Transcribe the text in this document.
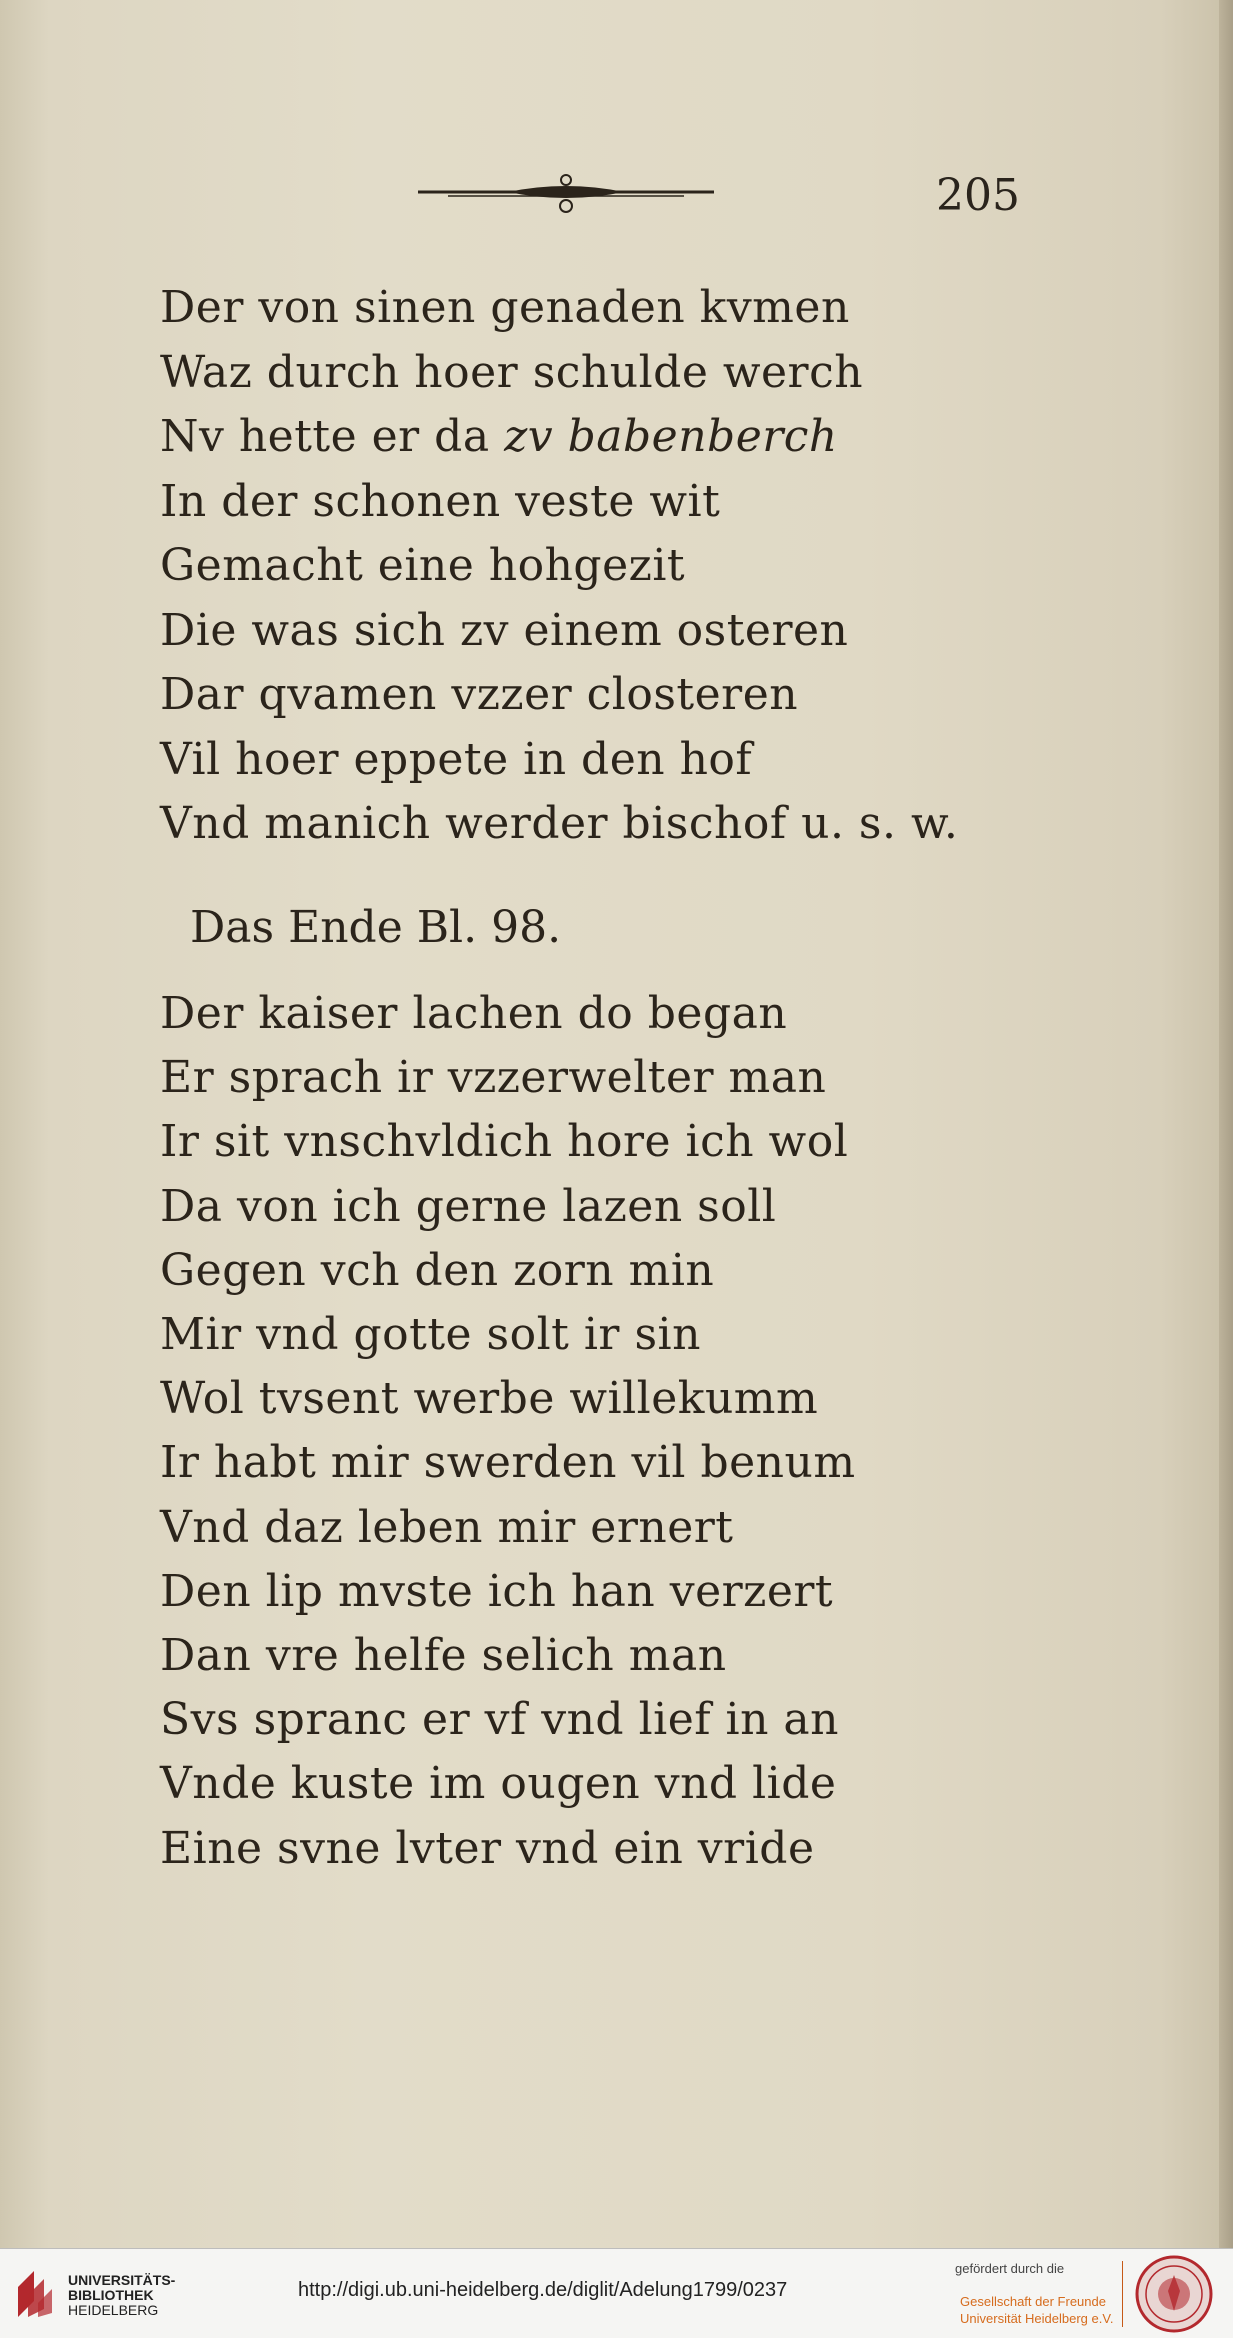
205
Der von sinen genaden kvmen
Waz durch hoer schulde werch
Nv hette er da zv babenberch
In der schonen veste wit
Gemacht eine hohgezit
Die was sich zv einem osteren
Dar qvamen vzzer closteren
Vil hoer eppete in den hof
Vnd manich werder bischof u. s. w.
Der kaiser lachen do began
Er sprach ir vzzerwelter man
Ir sit vnschvldich hore ich wol
Da von ich gerne lazen soll
Gegen vch den zorn min
Mir vnd gotte solt ir sin
Wol tvsent werbe willekumm
Ir habt mir swerden vil benum
Vnd daz leben mir ernert
Den lip mvste ich han verzert
Dan vre helfe selich man
Svs spranc er vf vnd lief in an
Vnde kuste im ougen vnd lide
Eine svne lvter vnd ein vride
Das Ende Bl. 98.
UNIVERSITÄTS-
BIBLIOTHEK
HEIDELBERG
http://digi.ub.uni-heidelberg.de/diglit/Adelung1799/0237
gefördert durch die
Gesellschaft der Freunde
Universität Heidelberg e.V.
